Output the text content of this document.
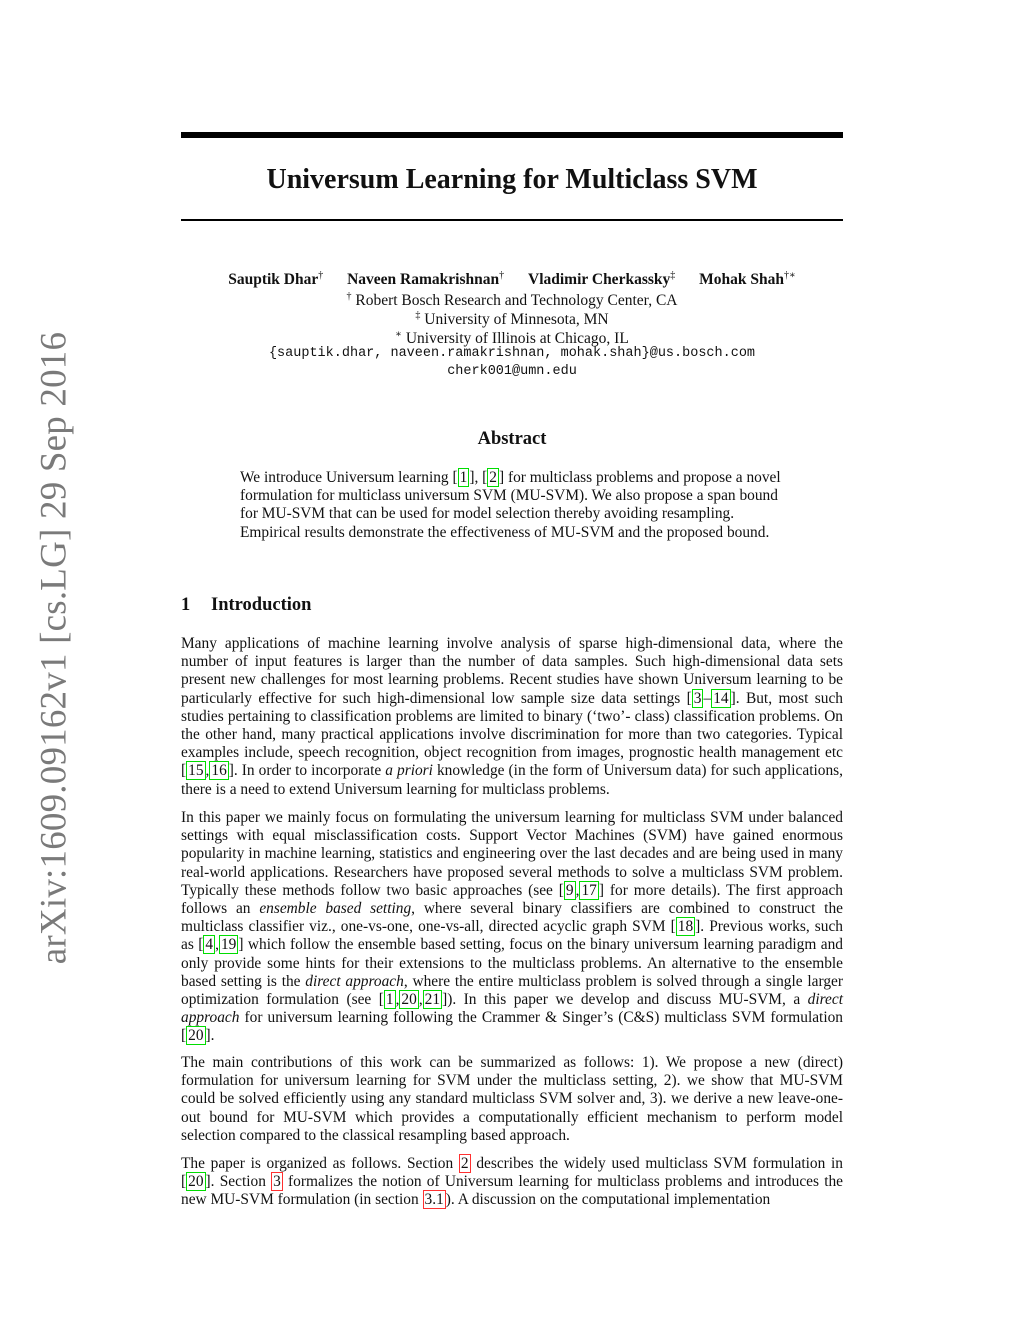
arXiv:1609.09162v1 [cs.LG] 29 Sep 2016
Universum Learning for Multiclass SVM
Sauptik Dhar† Naveen Ramakrishnan† Vladimir Cherkassky‡ Mohak Shah†∗
† Robert Bosch Research and Technology Center, CA
‡ University of Minnesota, MN
∗ University of Illinois at Chicago, IL
{sauptik.dhar, naveen.ramakrishnan, mohak.shah}@us.bosch.com
cherk001@umn.edu
Abstract
We introduce Universum learning [ 1 ], [ 2 ] for multiclass problems and propose a novel formulation for multiclass universum SVM (MU-SVM). We also propose a span bound for MU-SVM that can be used for model selection thereby avoiding resampling. Empirical results demonstrate the effectiveness of MU-SVM and the proposed bound.
1 Introduction
Many applications of machine learning involve analysis of sparse high-dimensional data, where the number of input features is larger than the number of data samples. Such high-dimensional data sets present new challenges for most learning problems. Recent studies have shown Universum learning to be particularly effective for such high-dimensional low sample size data settings [ 3 – 14 ]. But, most such studies pertaining to classification problems are limited to binary (‘two’- class) classification problems. On the other hand, many practical applications involve discrimination for more than two categories. Typical examples include, speech recognition, object recognition from images, prognostic health management etc [ 15 , 16 ]. In order to incorporate a priori knowledge (in the form of Universum data) for such applications, there is a need to extend Universum learning for multiclass problems.
In this paper we mainly focus on formulating the universum learning for multiclass SVM under balanced settings with equal misclassification costs. Support Vector Machines (SVM) have gained enormous popularity in machine learning, statistics and engineering over the last decades and are being used in many real-world applications. Researchers have proposed several methods to solve a multiclass SVM problem. Typically these methods follow two basic approaches (see [ 9 , 17 ] for more details). The first approach follows an ensemble based setting, where several binary classifiers are combined to construct the multiclass classifier viz., one-vs-one, one-vs-all, directed acyclic graph SVM [ 18 ]. Previous works, such as [ 4 , 19 ] which follow the ensemble based setting, focus on the binary universum learning paradigm and only provide some hints for their extensions to the multiclass problems. An alternative to the ensemble based setting is the direct approach, where the entire multiclass problem is solved through a single larger optimization formulation (see [ 1 , 20 , 21 ]). In this paper we develop and discuss MU-SVM, a direct approach for universum learning following the Crammer & Singer’s (C&S) multiclass SVM formulation [ 20 ].
The main contributions of this work can be summarized as follows: 1). We propose a new (direct) formulation for universum learning for SVM under the multiclass setting, 2). we show that MU-SVM could be solved efficiently using any standard multiclass SVM solver and, 3). we derive a new leave-one-out bound for MU-SVM which provides a computationally efficient mechanism to perform model selection compared to the classical resampling based approach.
The paper is organized as follows. Section 2 describes the widely used multiclass SVM formulation in [ 20 ]. Section 3 formalizes the notion of Universum learning for multiclass problems and introduces the new MU-SVM formulation (in section 3.1 ). A discussion on the computational implementation
